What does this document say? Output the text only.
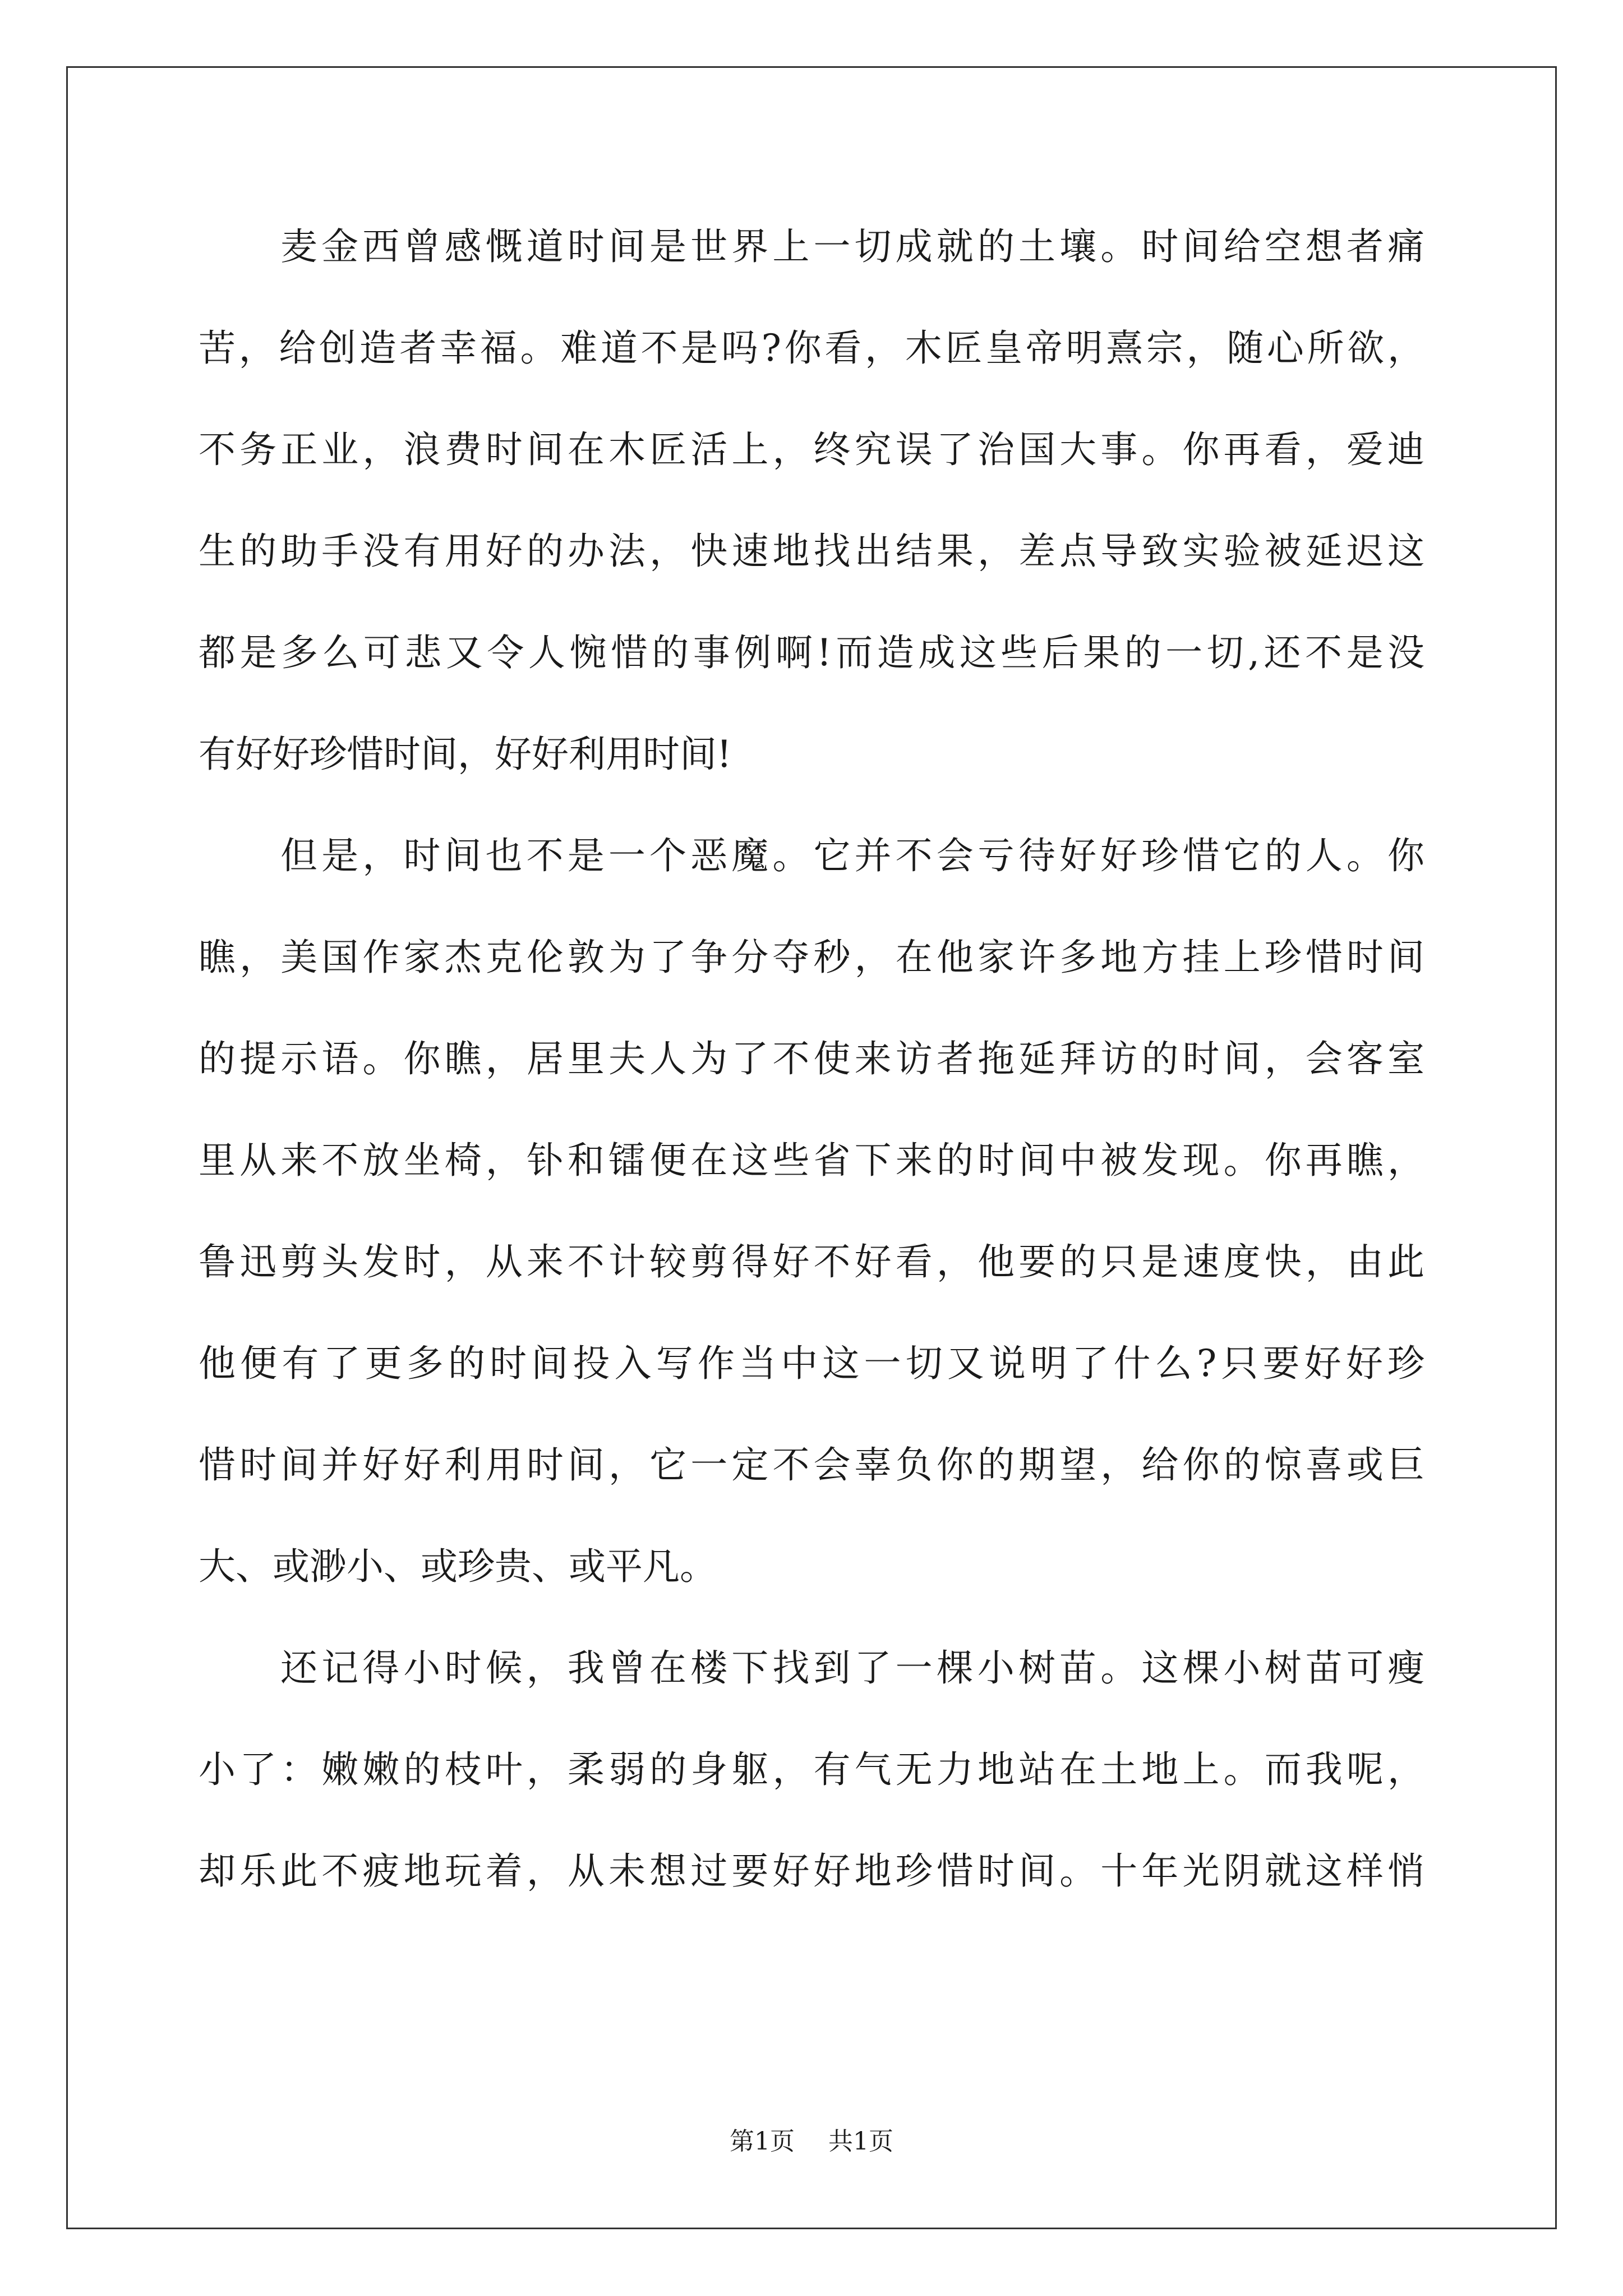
麦金西曾感慨道时间是世界上一切成就的土壤。时间给空想者痛
苦，给创造者幸福。难道不是吗?你看，木匠皇帝明熹宗，随心所欲，
不务正业，浪费时间在木匠活上，终究误了治国大事。你再看，爱迪
生的助手没有用好的办法，快速地找出结果，差点导致实验被延迟这
都是多么可悲又令人惋惜的事例啊!而造成这些后果的一切,还不是没
有好好珍惜时间，好好利用时间!
但是，时间也不是一个恶魔。它并不会亏待好好珍惜它的人。你
瞧，美国作家杰克伦敦为了争分夺秒，在他家许多地方挂上珍惜时间
的提示语。你瞧，居里夫人为了不使来访者拖延拜访的时间，会客室
里从来不放坐椅，钋和镭便在这些省下来的时间中被发现。你再瞧，
鲁迅剪头发时，从来不计较剪得好不好看，他要的只是速度快，由此
他便有了更多的时间投入写作当中这一切又说明了什么?只要好好珍
惜时间并好好利用时间，它一定不会辜负你的期望，给你的惊喜或巨
大、或渺小、或珍贵、或平凡。
还记得小时候，我曾在楼下找到了一棵小树苗。这棵小树苗可瘦
小了：嫩嫩的枝叶，柔弱的身躯，有气无力地站在土地上。而我呢，
却乐此不疲地玩着，从未想过要好好地珍惜时间。十年光阴就这样悄
第1页 共1页
